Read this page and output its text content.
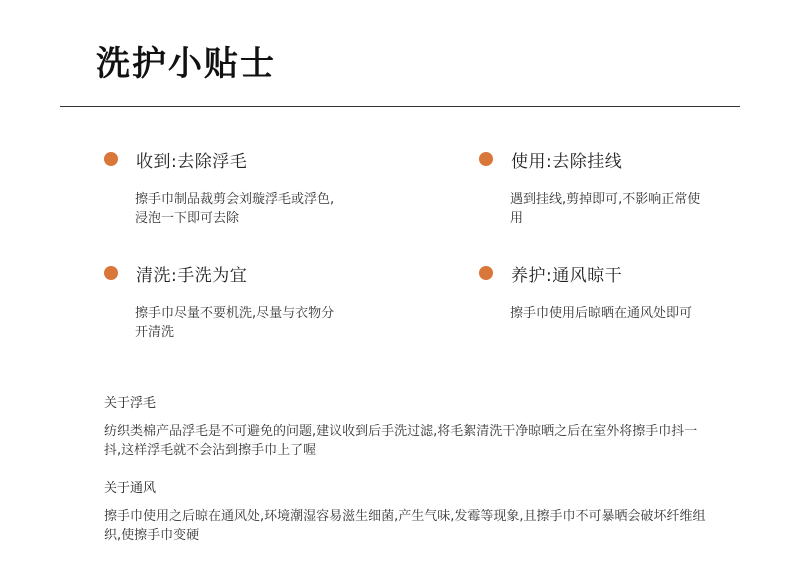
洗护小贴士
收到:去除浮毛
擦手巾制品裁剪会刘璇浮毛或浮色,浸泡一下即可去除
使用:去除挂线
遇到挂线,剪掉即可,不影响正常使用
清洗:手洗为宜
擦手巾尽量不要机洗,尽量与衣物分开清洗
养护:通风晾干
擦手巾使用后晾晒在通风处即可
关于浮毛
纺织类棉产品浮毛是不可避免的问题,建议收到后手洗过滤,将毛絮清洗干净晾晒之后在室外将擦手巾抖一抖,这样浮毛就不会沾到擦手巾上了喔
关于通风
擦手巾使用之后晾在通风处,环境潮湿容易滋生细菌,产生气味,发霉等现象,且擦手巾不可暴晒会破坏纤维组织,使擦手巾变硬
